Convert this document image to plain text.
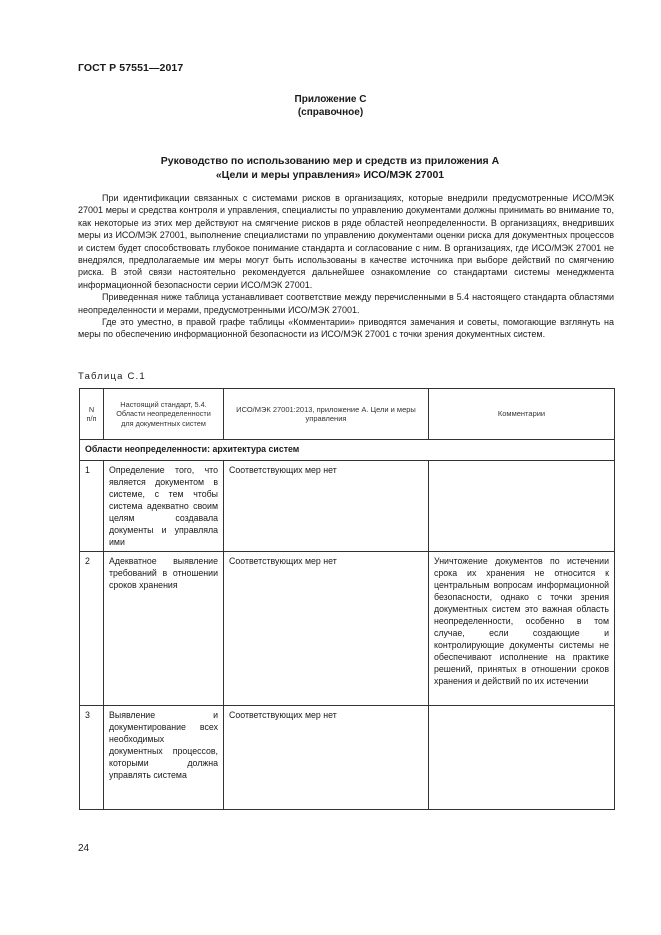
ГОСТ Р 57551—2017
Приложение С
(справочное)
Руководство по использованию мер и средств из приложения А
«Цели и меры управления» ИСО/МЭК 27001

При идентификации связанных с системами рисков в организациях, которые внедрили предусмотренные ИСО/МЭК 27001 меры и средства контроля и управления, специалисты по управлению документами должны принимать во внимание то, как некоторые из этих мер действуют на смягчение рисков в ряде областей неопределенности. В организациях, внедривших меры из ИСО/МЭК 27001, выполнение специалистами по управлению документами оценки риска для документных процессов и систем будет способствовать глубокое понимание стандарта и согласование с ним. В организациях, где ИСО/МЭК 27001 не внедрялся, предполагаемые им меры могут быть использованы в качестве источника при выборе действий по смягчению риска. В этой связи настоятельно рекомендуется дальнейшее ознакомление со стандартами системы менеджмента информационной безопасности серии ИСО/МЭК 27001.

Приведенная ниже таблица устанавливает соответствие между перечисленными в 5.4 настоящего стандарта областями неопределенности и мерами, предусмотренными ИСО/МЭК 27001.

Где это уместно, в правой графе таблицы «Комментарии» приводятся замечания и советы, помогающие взглянуть на меры по обеспечению информационной безопасности из ИСО/МЭК 27001 с точки зрения документных систем.

Таблица С.1
N п/п	Настоящий стандарт, 5.4. Области неопределенности для документных систем	ИСО/МЭК 27001:2013, приложение А. Цели и меры управления	Комментарии
Области неопределенности: архитектура систем			
1	Определение того, что является документом в системе, с тем чтобы система адекватно своим целям создавала документы и управляла ими	Соответствующих мер нет	
2	Адекватное выявление требований в отношении сроков хранения	Соответствующих мер нет	Уничтожение документов по истечении срока их хранения не относится к центральным вопросам информационной безопасности, однако с точки зрения документных систем это важная область неопределенности, особенно в том случае, если создающие и контролирующие документы системы не обеспечивают исполнение на практике решений, принятых в отношении сроков хранения и действий по их истечении
3	Выявление и документирование всех необходимых документных процессов, которыми должна управлять система	Соответствующих мер нет	
24
